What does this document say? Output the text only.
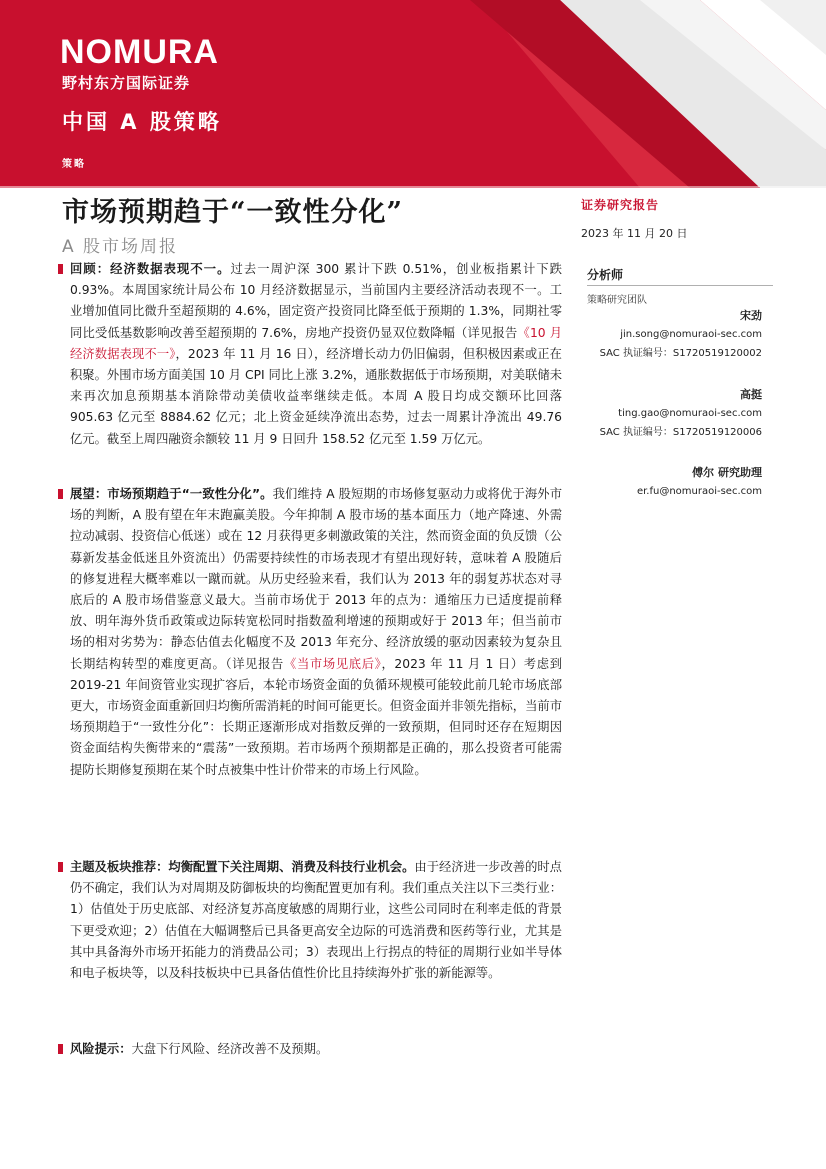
NOMURA
野村东方国际证券
中国 A 股策略
策略
市场预期趋于“一致性分化”
A 股市场周报
证券研究报告
2023 年 11 月 20 日
分析师
策略研究团队
宋劲
jin.song@nomuraoi-sec.com
SAC 执证编号：S1720519120002
高挺
ting.gao@nomuraoi-sec.com
SAC 执证编号：S1720519120006
傅尔 研究助理
er.fu@nomuraoi-sec.com
回顾：经济数据表现不一。过去一周沪深 300 累计下跌 0.51%，创业板指累计下跌 0.93%。本周国家统计局公布 10 月经济数据显示，当前国内主要经济活动表现不一。工业增加值同比微升至超预期的 4.6%，固定资产投资同比降至低于预期的 1.3%，同期社零同比受低基数影响改善至超预期的 7.6%，房地产投资仍显双位数降幅（详见报告《10 月经济数据表现不一》，2023 年 11 月 16 日），经济增长动力仍旧偏弱，但积极因素或正在积聚。外围市场方面美国 10 月 CPI 同比上涨 3.2%，通胀数据低于市场预期，对美联储未来再次加息预期基本消除带动美债收益率继续走低。本周 A 股日均成交额环比回落 905.63 亿元至 8884.62 亿元；北上资金延续净流出态势，过去一周累计净流出 49.76 亿元。截至上周四融资余额较 11 月 9 日回升 158.52 亿元至 1.59 万亿元。
展望：市场预期趋于“一致性分化”。我们维持 A 股短期的市场修复驱动力或将优于海外市场的判断，A 股有望在年末跑赢美股。今年抑制 A 股市场的基本面压力（地产降速、外需拉动减弱、投资信心低迷）或在 12 月获得更多刺激政策的关注，然而资金面的负反馈（公募新发基金低迷且外资流出）仍需要持续性的市场表现才有望出现好转，意味着 A 股随后的修复进程大概率难以一蹴而就。从历史经验来看，我们认为 2013 年的弱复苏状态对寻底后的 A 股市场借鉴意义最大。当前市场优于 2013 年的点为：通缩压力已适度提前释放、明年海外货币政策或边际转宽松同时指数盈利增速的预期或好于 2013 年；但当前市场的相对劣势为：静态估值去化幅度不及 2013 年充分、经济放缓的驱动因素较为复杂且长期结构转型的难度更高。（详见报告《当市场见底后》，2023 年 11 月 1 日）考虑到 2019-21 年间资管业实现扩容后，本轮市场资金面的负循环规模可能较此前几轮市场底部更大，市场资金面重新回归均衡所需消耗的时间可能更长。但资金面并非领先指标，当前市场预期趋于“一致性分化”：长期正逐渐形成对指数反弹的一致预期，但同时还存在短期因资金面结构失衡带来的“震荡”一致预期。若市场两个预期都是正确的，那么投资者可能需提防长期修复预期在某个时点被集中性计价带来的市场上行风险。
主题及板块推荐：均衡配置下关注周期、消费及科技行业机会。由于经济进一步改善的时点仍不确定，我们认为对周期及防御板块的均衡配置更加有利。我们重点关注以下三类行业：1）估值处于历史底部、对经济复苏高度敏感的周期行业，这些公司同时在利率走低的背景下更受欢迎；2）估值在大幅调整后已具备更高安全边际的可选消费和医药等行业，尤其是其中具备海外市场开拓能力的消费品公司；3）表现出上行拐点的特征的周期行业如半导体和电子板块等，以及科技板块中已具备估值性价比且持续海外扩张的新能源等。
风险提示：大盘下行风险、经济改善不及预期。
